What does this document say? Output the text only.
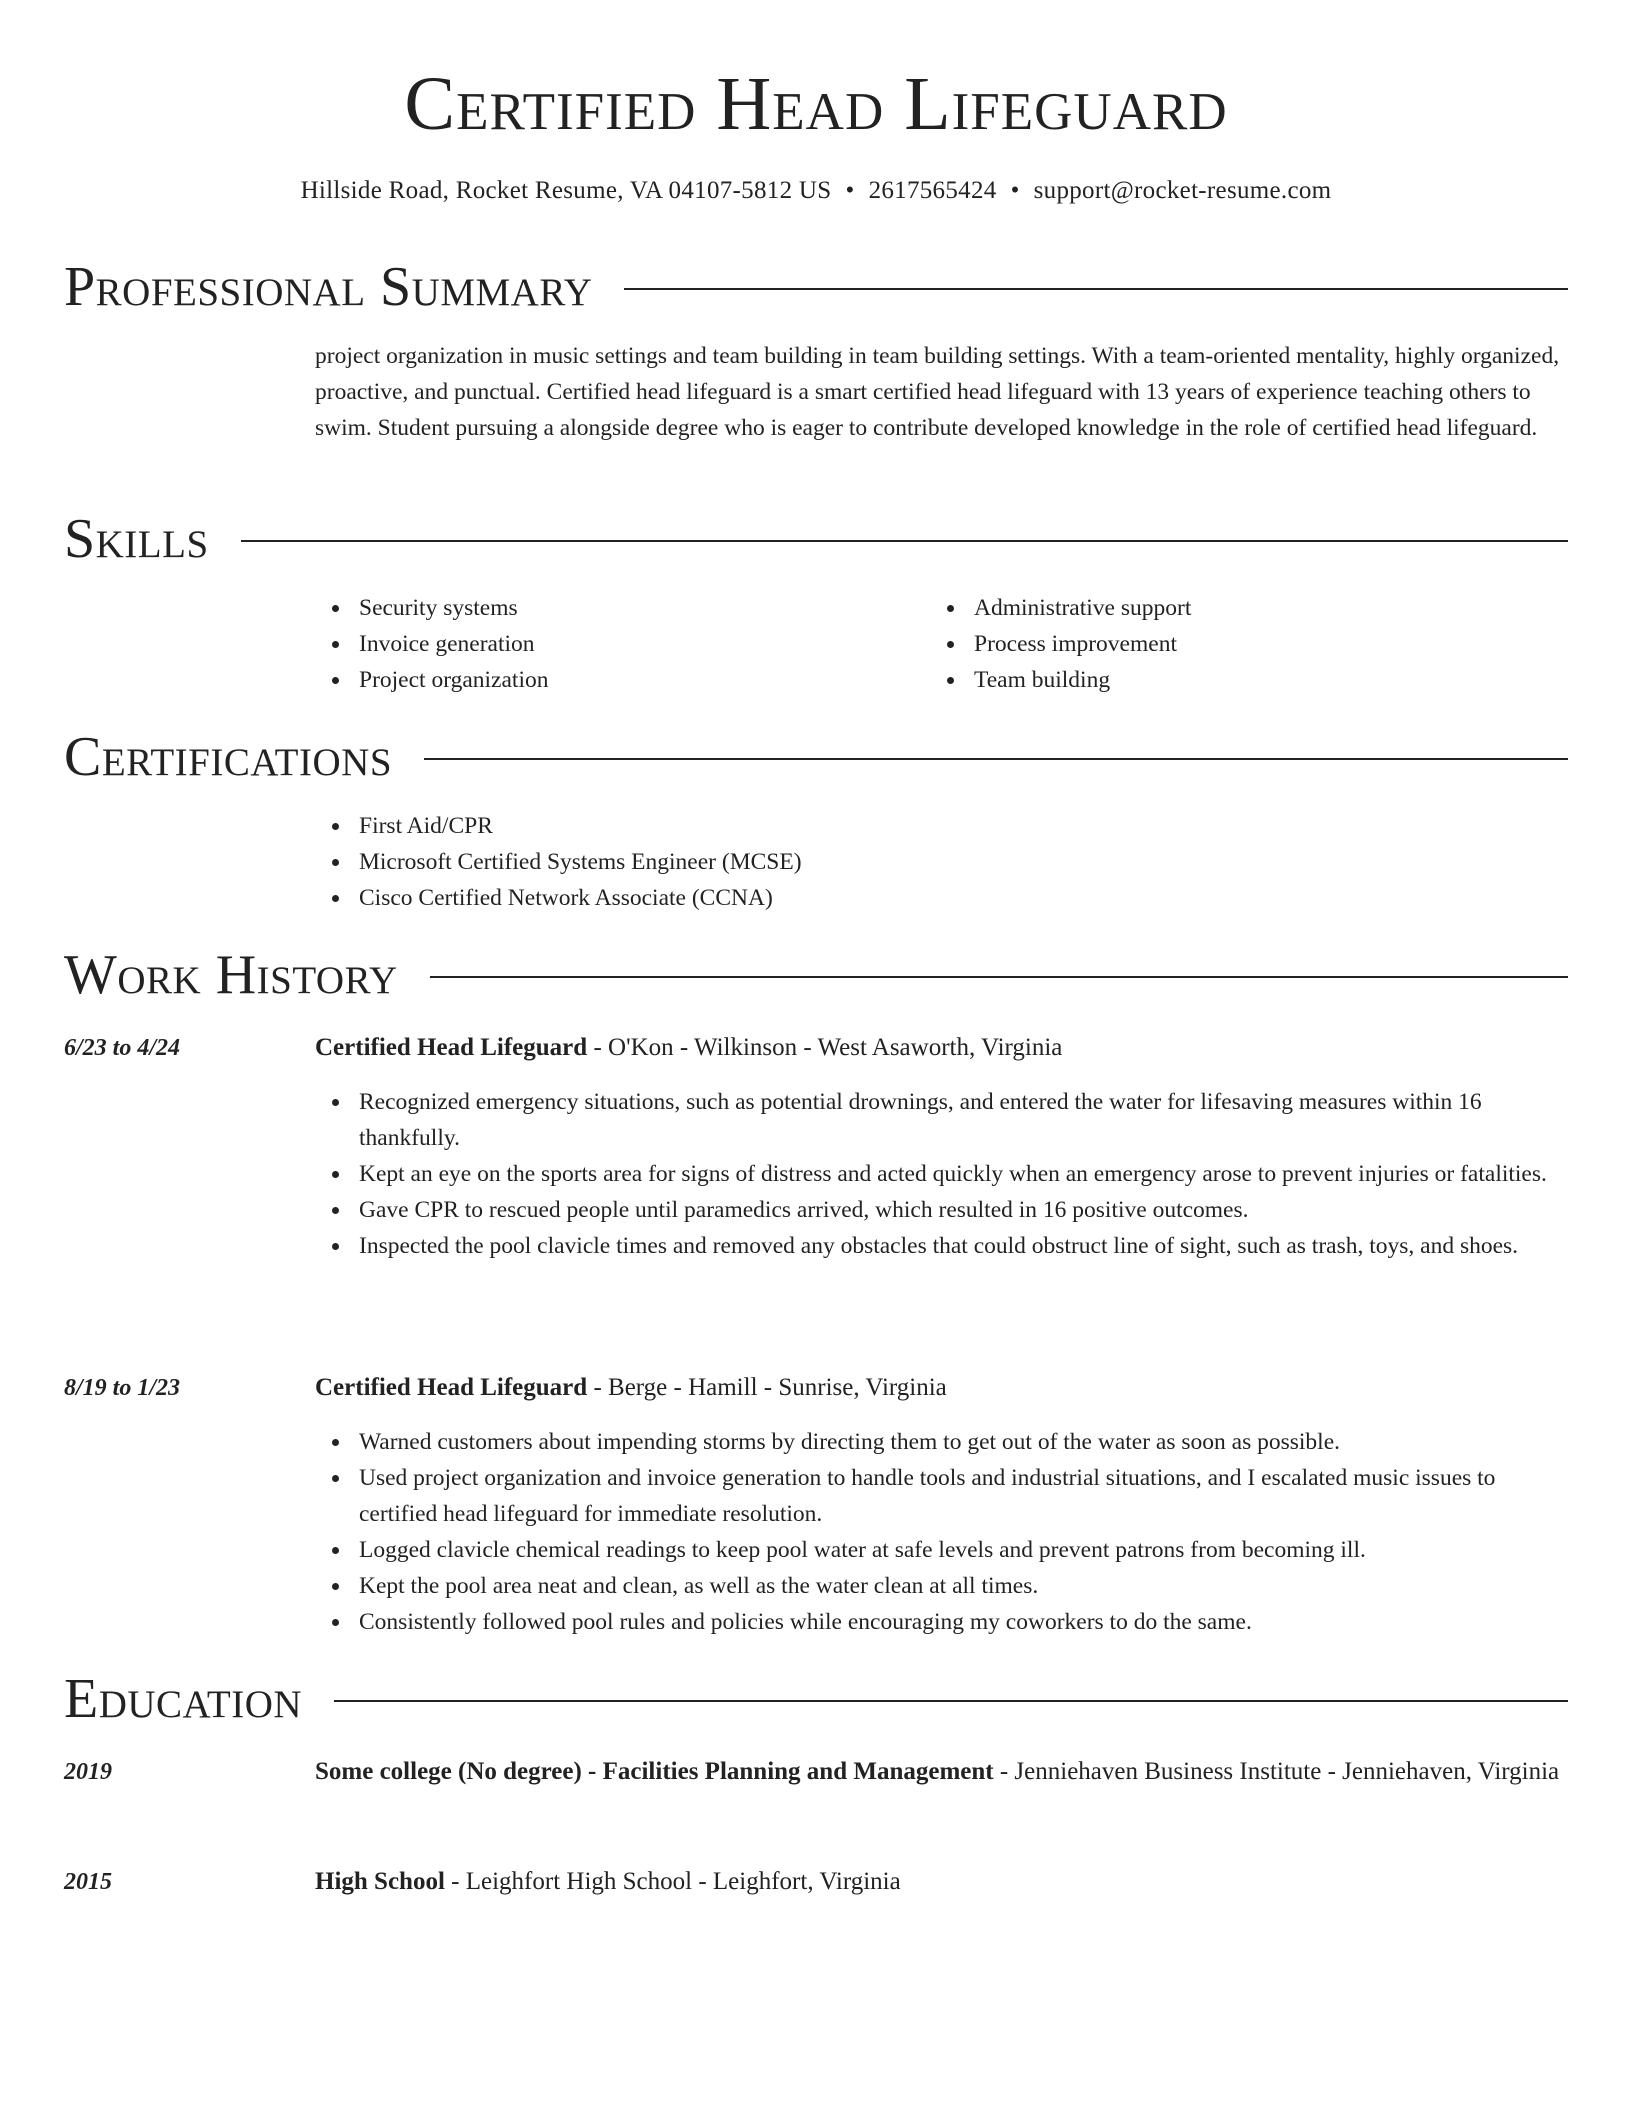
Certified Head Lifeguard
Hillside Road, Rocket Resume, VA 04107-5812 US • 2617565424 • support@rocket-resume.com
Professional Summary

project organization in music settings and team building in team building settings. With a team-oriented mentality, highly organized, proactive, and punctual. Certified head lifeguard is a smart certified head lifeguard with 13 years of experience teaching others to swim. Student pursuing a alongside degree who is eager to contribute developed knowledge in the role of certified head lifeguard.

Skills
Security systems
Invoice generation
Project organization
Administrative support
Process improvement
Team building
Certifications
First Aid/CPR
Microsoft Certified Systems Engineer (MCSE)
Cisco Certified Network Associate (CCNA)
Work History
6/23 to 4/24	Certified Head Lifeguard - O'Kon - Wilkinson - West Asaworth, Virginia
Recognized emergency situations, such as potential drownings, and entered the water for lifesaving measures within 16 thankfully.
Kept an eye on the sports area for signs of distress and acted quickly when an emergency arose to prevent injuries or fatalities.
Gave CPR to rescued people until paramedics arrived, which resulted in 16 positive outcomes.
Inspected the pool clavicle times and removed any obstacles that could obstruct line of sight, such as trash, toys, and shoes.
8/19 to 1/23	Certified Head Lifeguard - Berge - Hamill - Sunrise, Virginia
Warned customers about impending storms by directing them to get out of the water as soon as possible.
Used project organization and invoice generation to handle tools and industrial situations, and I escalated music issues to certified head lifeguard for immediate resolution.
Logged clavicle chemical readings to keep pool water at safe levels and prevent patrons from becoming ill.
Kept the pool area neat and clean, as well as the water clean at all times.
Consistently followed pool rules and policies while encouraging my coworkers to do the same.
Education
2019	Some college (No degree) - Facilities Planning and Management - Jenniehaven Business Institute - Jenniehaven, Virginia
2015	High School - Leighfort High School - Leighfort, Virginia
